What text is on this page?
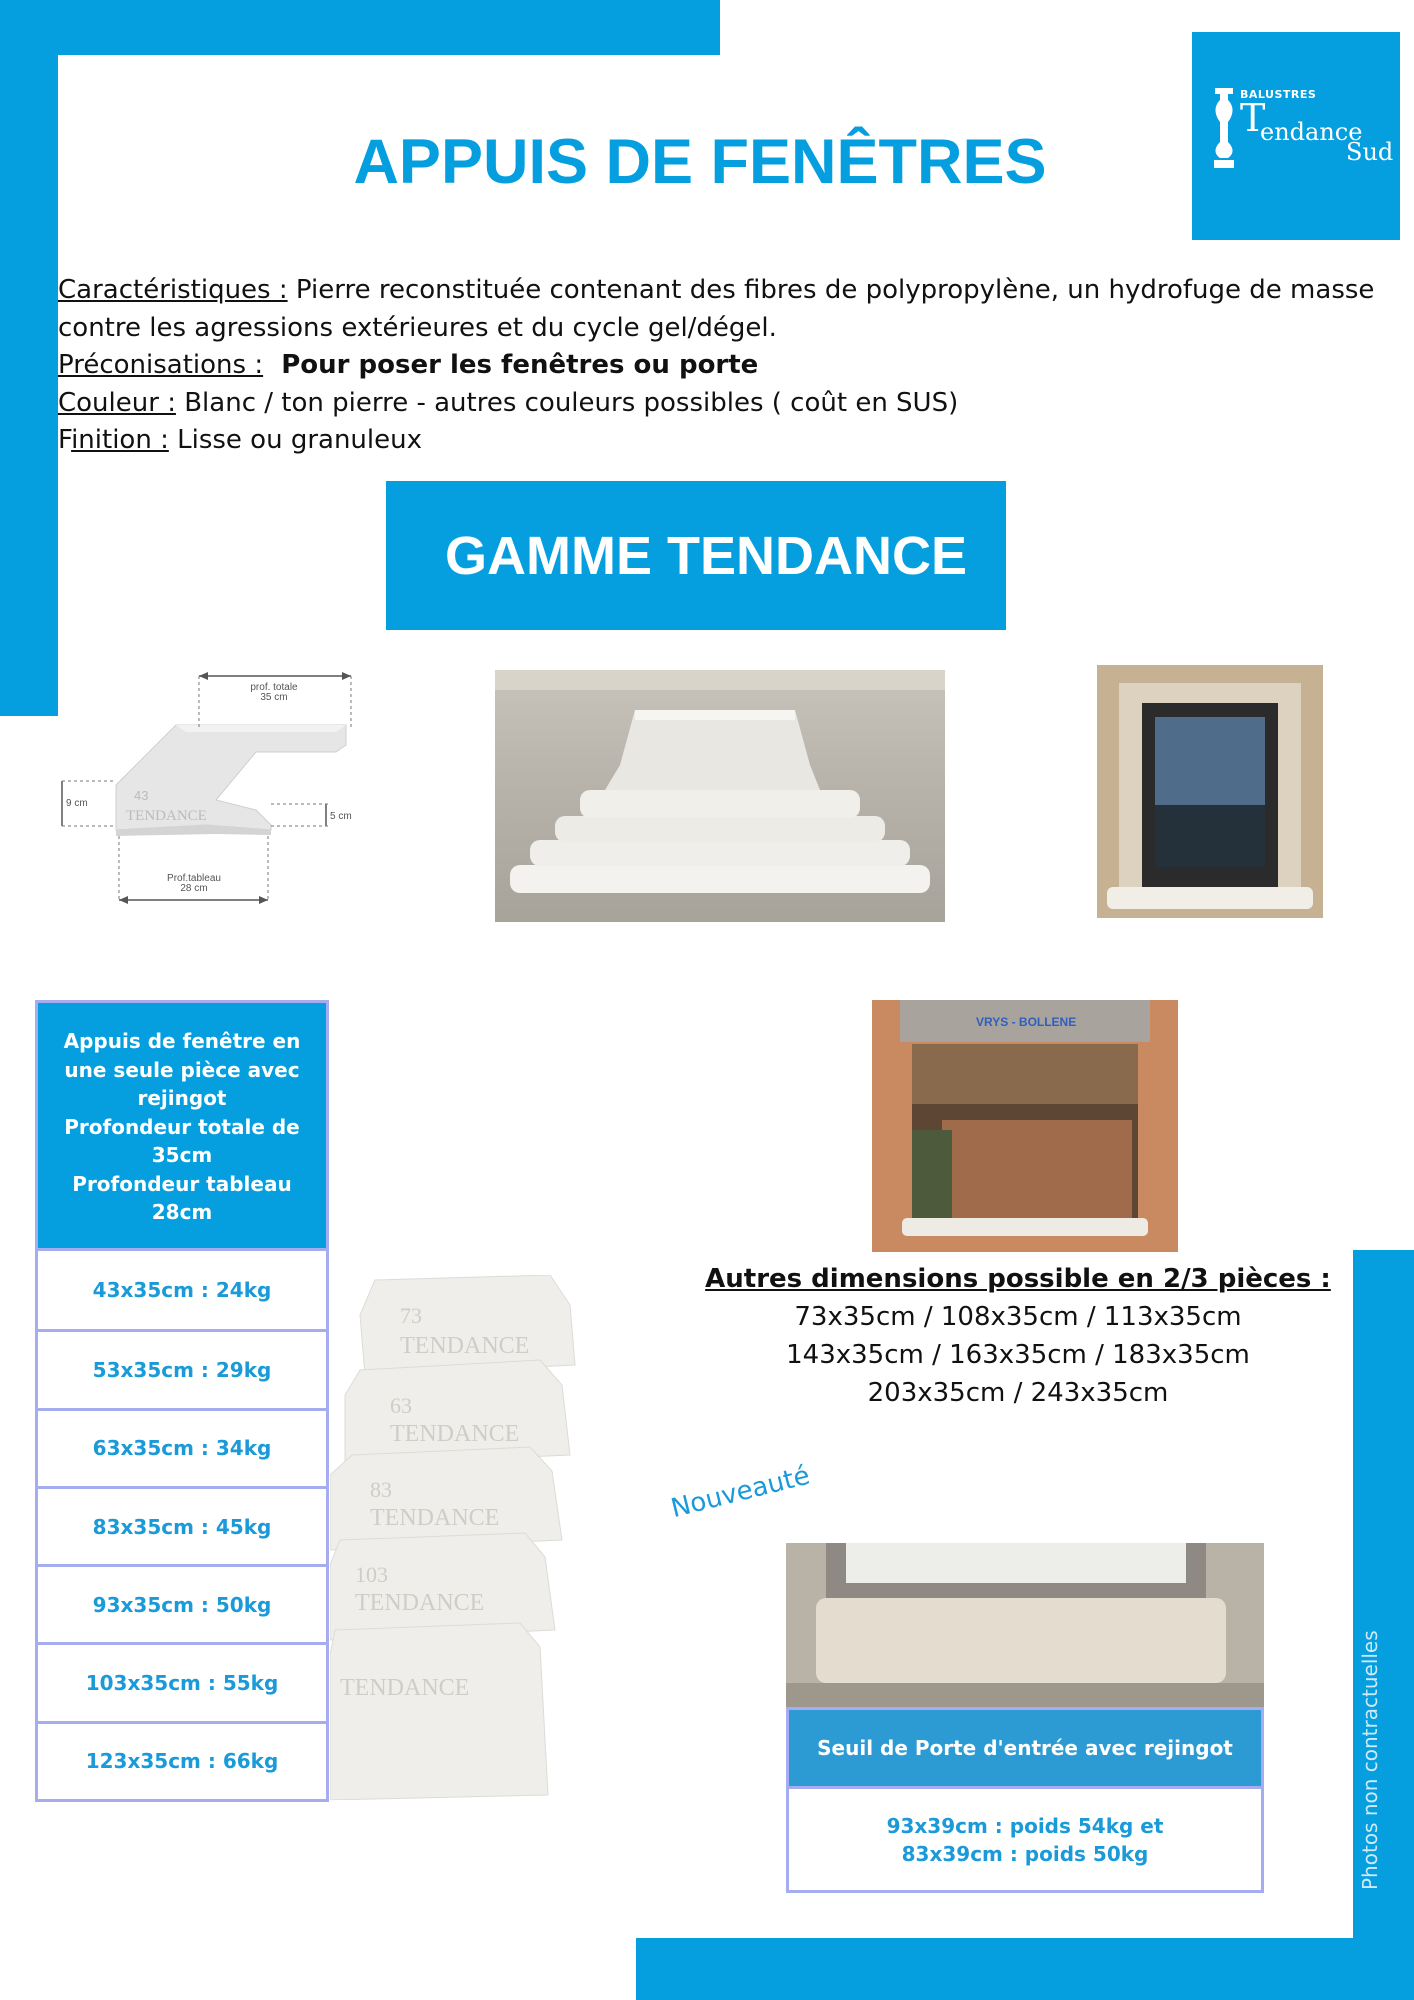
APPUIS DE FENÊTRES
BALUSTRES
T
endance
Sud
Caractéristiques : Pierre reconstituée contenant des fibres de polypropylène, un hydrofuge de masse contre les agressions extérieures et du cycle gel/dégel.
Préconisations :  Pour poser les fenêtres ou porte
Couleur : Blanc / ton pierre - autres couleurs possibles ( coût en SUS)
Finition : Lisse ou granuleux
GAMME TENDANCE
prof. totale
35 cm
9 cm
5 cm
Prof.tableau
28 cm
43
TENDANCE
Appuis de fenêtre en
une seule pièce avec
rejingot
Profondeur totale de
35cm
Profondeur tableau
28cm
43x35cm : 24kg
53x35cm : 29kg
63x35cm : 34kg
83x35cm : 45kg
93x35cm : 50kg
103x35cm : 55kg
123x35cm : 66kg
73
TENDANCE
63
TENDANCE
83
TENDANCE
103
TENDANCE
TENDANCE
VRYS - BOLLENE
Autres dimensions possible en 2/3 pièces :
73x35cm / 108x35cm / 113x35cm
143x35cm / 163x35cm / 183x35cm
203x35cm / 243x35cm
Nouveauté
Seuil de Porte d'entrée avec rejingot
93x39cm : poids 54kg et
83x39cm : poids 50kg	Photos non contractuelles
